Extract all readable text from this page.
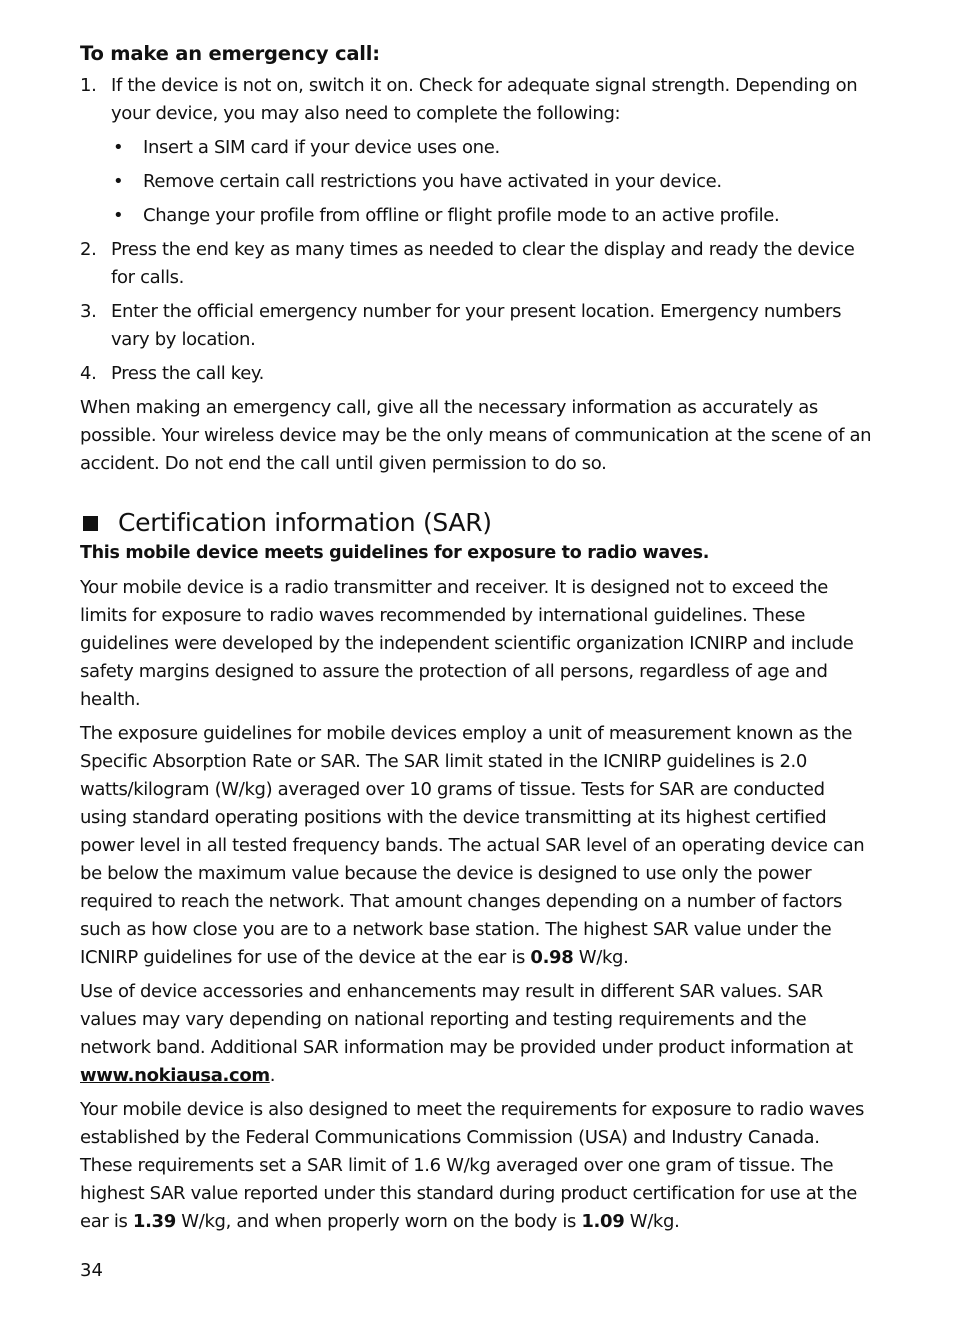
To make an emergency call:
1. If the device is not on, switch it on. Check for adequate signal strength. Depending on your device, you may also need to complete the following:
• Insert a SIM card if your device uses one.
• Remove certain call restrictions you have activated in your device.
• Change your profile from offline or flight profile mode to an active profile.
2. Press the end key as many times as needed to clear the display and ready the device for calls.
3. Enter the official emergency number for your present location. Emergency numbers vary by location.
4. Press the call key.

When making an emergency call, give all the necessary information as accurately as possible. Your wireless device may be the only means of communication at the scene of an accident. Do not end the call until given permission to do so.

Certification information (SAR)
This mobile device meets guidelines for exposure to radio waves.

Your mobile device is a radio transmitter and receiver. It is designed not to exceed the limits for exposure to radio waves recommended by international guidelines. These guidelines were developed by the independent scientific organization ICNIRP and include safety margins designed to assure the protection of all persons, regardless of age and health.

The exposure guidelines for mobile devices employ a unit of measurement known as the Specific Absorption Rate or SAR. The SAR limit stated in the ICNIRP guidelines is 2.0 watts/kilogram (W/kg) averaged over 10 grams of tissue. Tests for SAR are conducted using standard operating positions with the device transmitting at its highest certified power level in all tested frequency bands. The actual SAR level of an operating device can be below the maximum value because the device is designed to use only the power required to reach the network. That amount changes depending on a number of factors such as how close you are to a network base station. The highest SAR value under the ICNIRP guidelines for use of the device at the ear is 0.98 W/kg.

Use of device accessories and enhancements may result in different SAR values. SAR values may vary depending on national reporting and testing requirements and the network band. Additional SAR information may be provided under product information at www.nokiausa.com.

Your mobile device is also designed to meet the requirements for exposure to radio waves established by the Federal Communications Commission (USA) and Industry Canada. These requirements set a SAR limit of 1.6 W/kg averaged over one gram of tissue. The highest SAR value reported under this standard during product certification for use at the ear is 1.39 W/kg, and when properly worn on the body is 1.09 W/kg.

34
